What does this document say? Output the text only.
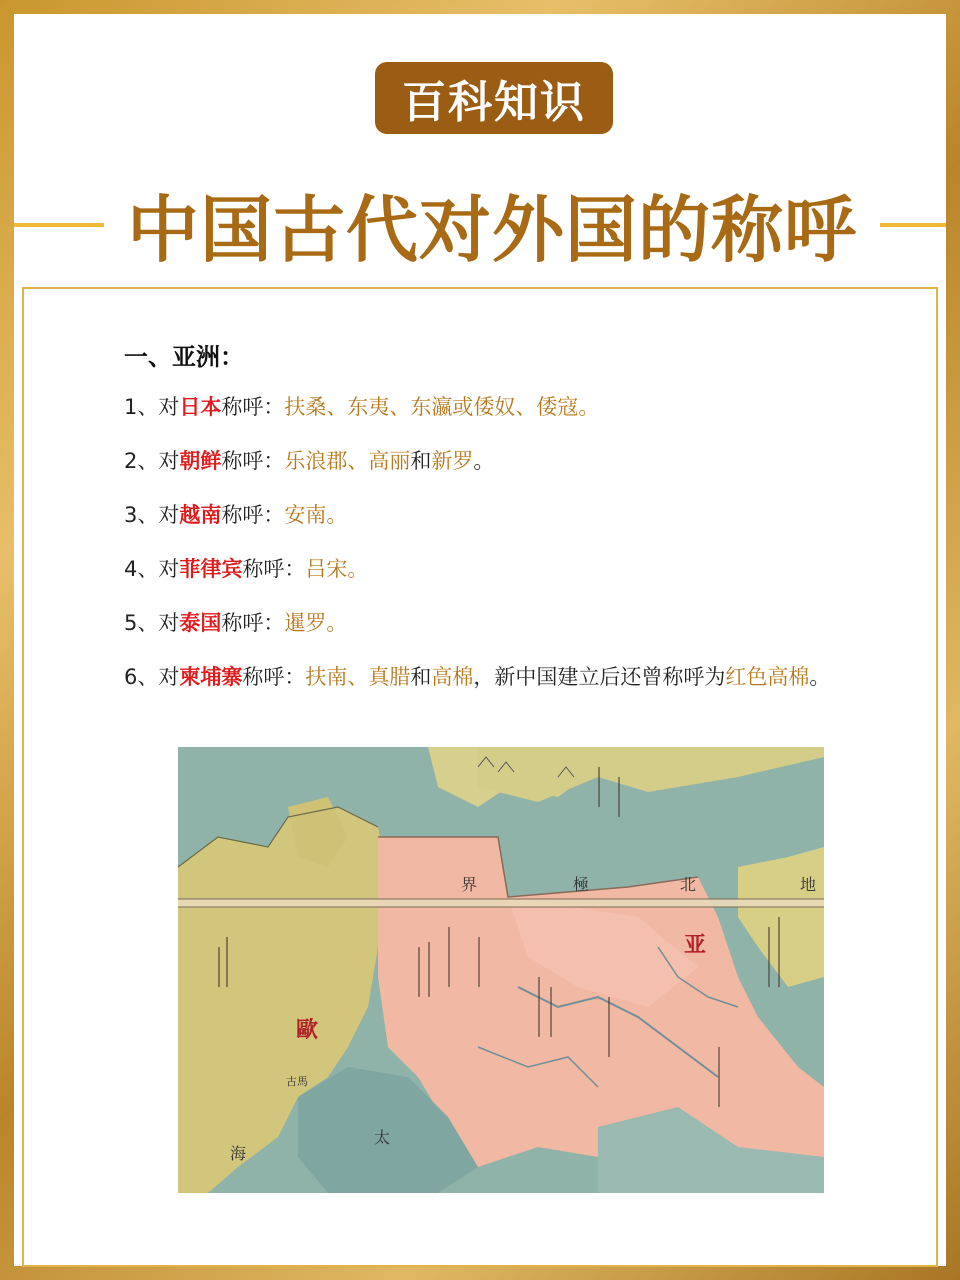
百科知识
中国古代对外国的称呼
一、亚洲：
1、对日本称呼：扶桑、东夷、东瀛或倭奴、倭寇。
2、对朝鲜称呼：乐浪郡、高丽和新罗。
3、对越南称呼：安南。
4、对菲律宾称呼：吕宋。
5、对泰国称呼：暹罗。
6、对柬埔寨称呼：扶南、真腊和高棉，新中国建立后还曾称呼为红色高棉。
歐
亚
界	極	北	地
海
太
古馬
